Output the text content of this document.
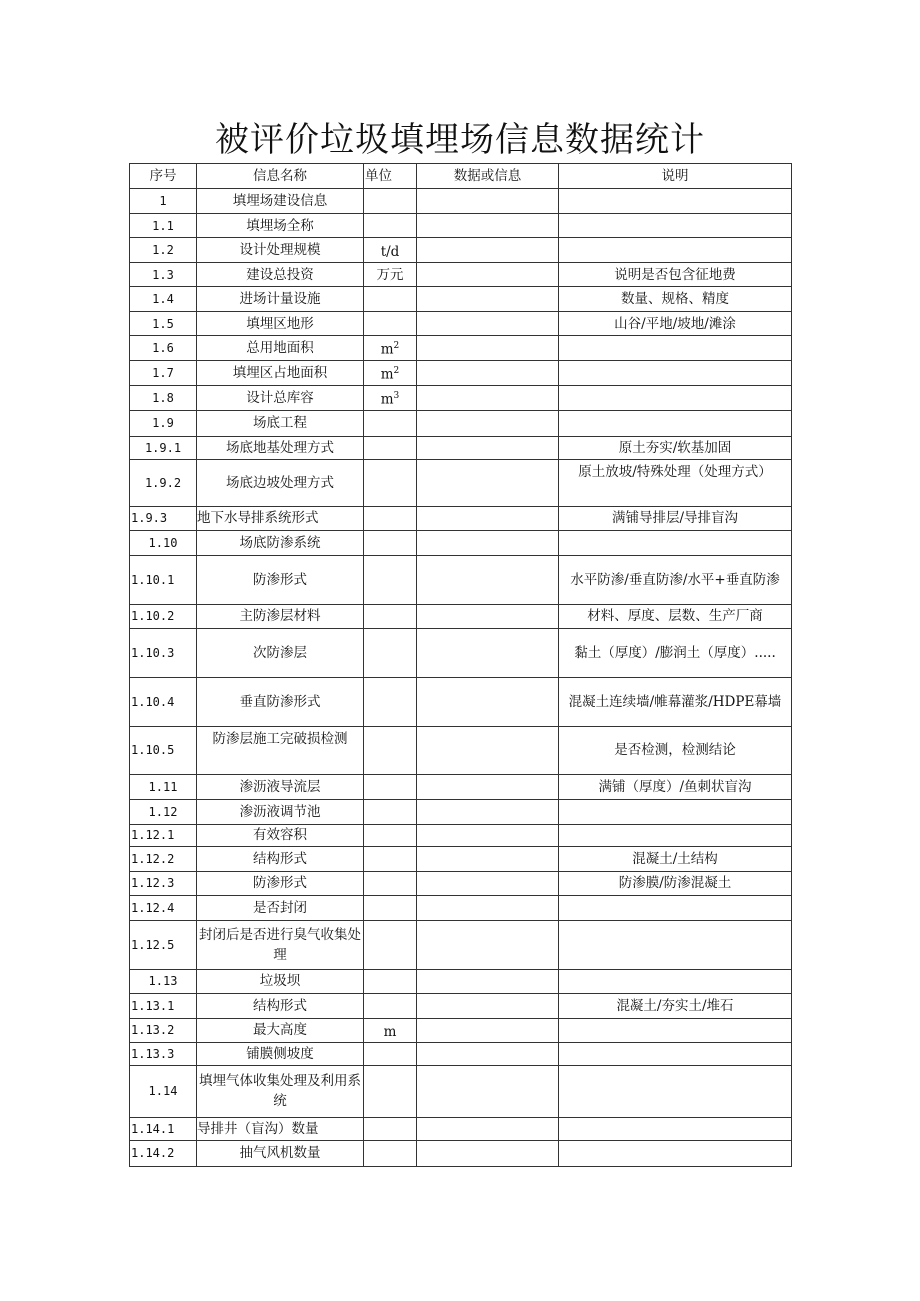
被评价垃圾填埋场信息数据统计
序号	信息名称	单位	数据或信息	说明
1	填埋场建设信息			
1.1	填埋场全称			
1.2	设计处理规模	t/d		
1.3	建设总投资	万元		说明是否包含征地费
1.4	进场计量设施			数量、规格、精度
1.5	填埋区地形			山谷/平地/坡地/滩涂
1.6	总用地面积	$m^2$		
1.7	填埋区占地面积	$m^2$		
1.8	设计总库容	$m^3$		
1.9	场底工程			
1.9.1	场底地基处理方式			原土夯实/软基加固
1.9.2	场底边坡处理方式			原土放坡/特殊处理（处理方式）
1.9.3	地下水导排系统形式			满铺导排层/导排盲沟
1.10	场底防渗系统			
1.10.1	防渗形式			水平防渗/垂直防渗/水平+垂直防渗
1.10.2	主防渗层材料			材料、厚度、层数、生产厂商
1.10.3	次防渗层			黏土（厚度）/膨润土（厚度）.....
1.10.4	垂直防渗形式			混凝土连续墙/帷幕灌浆/HDPE幕墙
1.10.5	防渗层施工完破损检测			是否检测，检测结论
1.11	渗沥液导流层			满铺（厚度）/鱼刺状盲沟
1.12	渗沥液调节池			
1.12.1	有效容积			
1.12.2	结构形式			混凝土/土结构
1.12.3	防渗形式			防渗膜/防渗混凝土
1.12.4	是否封闭			
1.12.5	封闭后是否进行臭气收集处理			
1.13	垃圾坝			
1.13.1	结构形式			混凝土/夯实土/堆石
1.13.2	最大高度	m		
1.13.3	铺膜侧坡度			
1.14	填埋气体收集处理及利用系统			
1.14.1	导排井（盲沟）数量			
1.14.2	抽气风机数量			
